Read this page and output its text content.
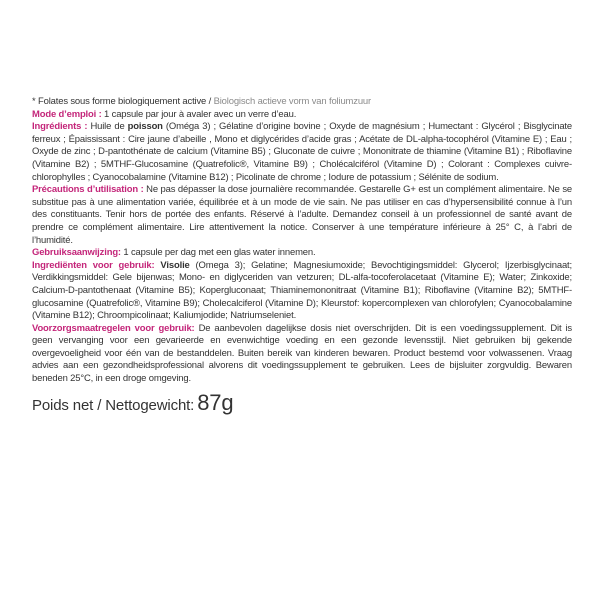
* Folates sous forme biologiquement active / Biologisch actieve vorm van foliumzuur

Mode d’emploi : 1 capsule par jour à avaler avec un verre d’eau.

Ingrédients : Huile de poisson (Oméga 3) ; Gélatine d’origine bovine ; Oxyde de magnésium ; Humectant : Glycérol ; Bisglycinate ferreux ; Épaississant : Cire jaune d’abeille , Mono et diglycérides d’acide gras ; Acétate de DL-alpha-tocophérol (Vitamine E) ; Eau ; Oxyde de zinc ; D-pantothénate de calcium (Vitamine B5) ; Gluconate de cuivre ; Mononitrate de thiamine (Vitamine B1) ; Riboflavine (Vitamine B2) ; 5MTHF-Glucosamine (Quatrefolic®, Vitamine B9) ; Cholécalciférol (Vitamine D) ; Colorant : Complexes cuivre-chlorophylles ; Cyanocobalamine (Vitamine B12) ; Picolinate de chrome ; Iodure de potassium ; Sélénite de sodium.

Précautions d’utilisation : Ne pas dépasser la dose journalière recommandée. Gestarelle G+ est un complément alimentaire. Ne se substitue pas à une alimentation variée, équilibrée et à un mode de vie sain. Ne pas utiliser en cas d’hypersensibilité connue à l’un des constituants. Tenir hors de portée des enfants. Réservé à l’adulte. Demandez conseil à un professionnel de santé avant de prendre ce complément alimentaire. Lire attentivement la notice. Conserver à une température inférieure à 25° C, à l’abri de l’humidité.

Gebruiksaanwijzing: 1 capsule per dag met een glas water innemen.

Ingrediënten voor gebruik: Visolie (Omega 3); Gelatine; Magnesiumoxide; Bevochtigingsmiddel: Glycerol; Ijzerbisglycinaat; Verdikkingsmiddel: Gele bijenwas; Mono- en diglyceriden van vetzuren; DL-alfa-tocoferolacetaat (Vitamine E); Water; Zinkoxide; Calcium-D-pantothenaat (Vitamine B5); Kopergluconaat; Thiaminemononitraat (Vitamine B1); Riboflavine (Vitamine B2); 5MTHF-glucosamine (Quatrefolic®, Vitamine B9); Cholecalciferol (Vitamine D); Kleurstof: kopercomplexen van chlorofylen; Cyanocobalamine (Vitamine B12); Chroompicolinaat; Kaliumjodide; Natriumseleniet.

Voorzorgsmaatregelen voor gebruik: De aanbevolen dagelijkse dosis niet overschrijden. Dit is een voedingssupplement. Dit is geen vervanging voor een gevarieerde en evenwichtige voeding en een gezonde levensstijl. Niet gebruiken bij gekende overgevoeligheid voor één van de bestanddelen. Buiten bereik van kinderen bewaren. Product bestemd voor volwassenen. Vraag advies aan een gezondheidsprofessional alvorens dit voedingssupplement te gebruiken. Lees de bijsluiter zorgvuldig. Bewaren beneden 25°C, in een droge omgeving.

Poids net / Nettogewicht: 87g
